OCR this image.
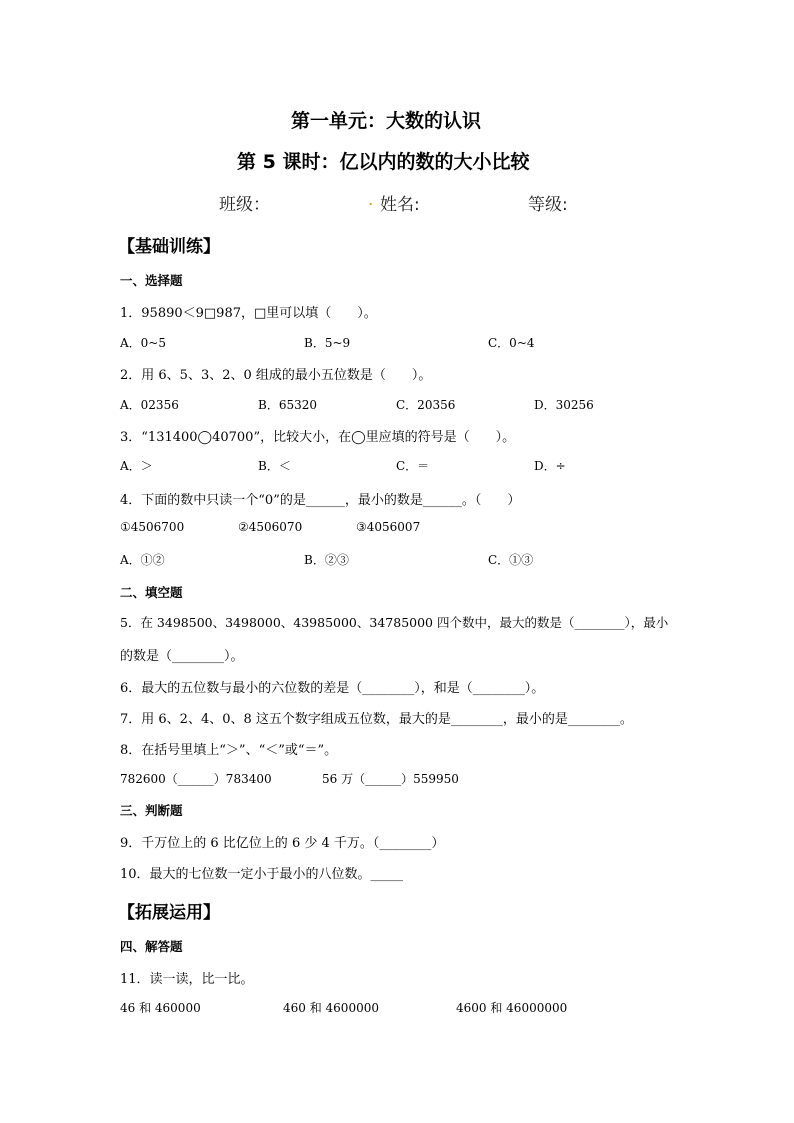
第一单元：大数的认识
第 5 课时：亿以内的数的大小比较
班级：	. 姓名:	等级:
【基础训练】
一、选择题
1．95890＜9□987，□里可以填（　　）。
A．0~5	B．5~9	C．0~4
2．用 6、5、3、2、0 组成的最小五位数是（　　）。
A．02356	B．65320	C．20356	D．30256
3．“131400◯40700”，比较大小，在◯里应填的符号是（　　）。
A．＞	B．＜	C．＝	D．÷
4．下面的数中只读一个“0”的是______，最小的数是______。（　　）
①4506700	②4506070	③4056007
A．①②	B．②③	C．①③
二、填空题
5．在 3498500、3498000、43985000、34785000 四个数中，最大的数是（________），最小
的数是（________）。
6．最大的五位数与最小的六位数的差是（________），和是（________）。
7．用 6、2、4、0、8 这五个数字组成五位数，最大的是________，最小的是________。
8．在括号里填上“＞”、“＜”或“＝”。
782600（______）783400	56 万（______）559950
三、判断题
9．千万位上的 6 比亿位上的 6 少 4 千万。（________）
10．最大的七位数一定小于最小的八位数。_____
【拓展运用】
四、解答题
11．读一读，比一比。
46 和 460000	460 和 4600000	4600 和 46000000
